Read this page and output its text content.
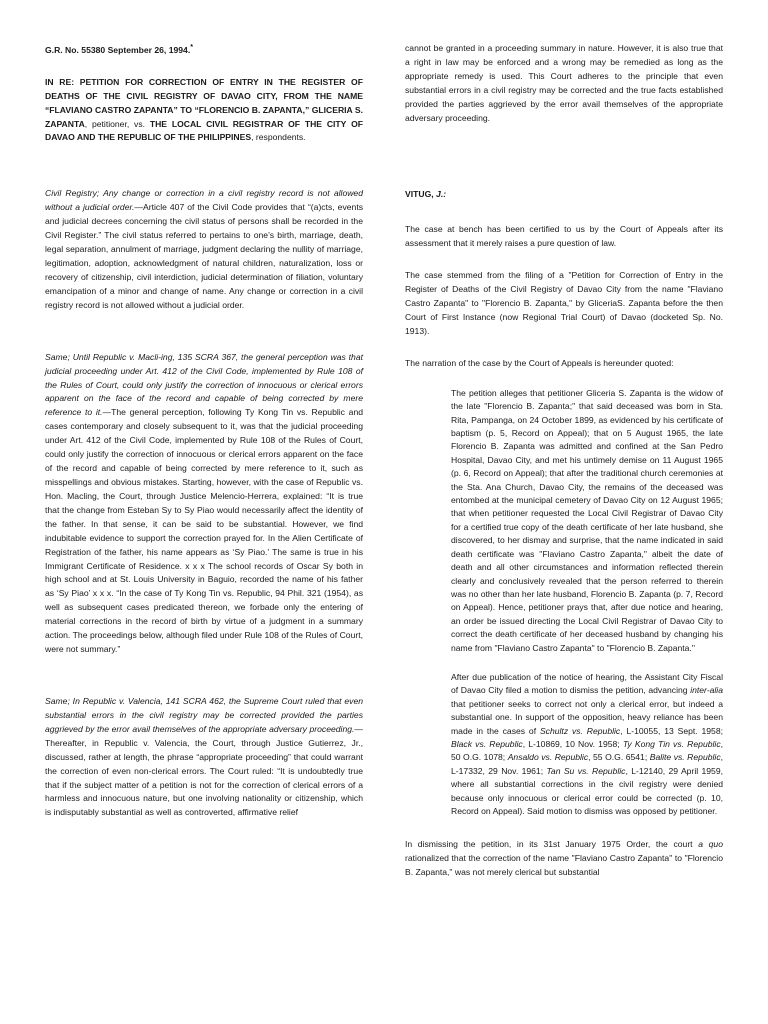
G.R. No. 55380 September 26, 1994.*

IN RE: PETITION FOR CORRECTION OF ENTRY IN THE REGISTER OF DEATHS OF THE CIVIL REGISTRY OF DAVAO CITY, FROM THE NAME “FLAVIANO CASTRO ZAPANTA” TO “FLORENCIO B. ZAPANTA,” GLICERIA S. ZAPANTA, petitioner, vs. THE LOCAL CIVIL REGISTRAR OF THE CITY OF DAVAO AND THE REPUBLIC OF THE PHILIPPINES, respondents.

Civil Registry; Any change or correction in a civil registry record is not allowed without a judicial order.—Article 407 of the Civil Code provides that “(a)cts, events and judicial decrees concerning the civil status of persons shall be recorded in the Civil Register.” The civil status referred to pertains to one’s birth, marriage, death, legal separation, annulment of marriage, judgment declaring the nullity of marriage, legitimation, adoption, acknowledgment of natural children, naturalization, loss or recovery of citizenship, civil interdiction, judicial determination of filiation, voluntary emancipation of a minor and change of name. Any change or correction in a civil registry record is not allowed without a judicial order.

Same; Until Republic v. Macli-ing, 135 SCRA 367, the general perception was that judicial proceeding under Art. 412 of the Civil Code, implemented by Rule 108 of the Rules of Court, could only justify the correction of innocuous or clerical errors apparent on the face of the record and capable of being corrected by mere reference to it.—The general perception, following Ty Kong Tin vs. Republic and cases contemporary and closely subsequent to it, was that the judicial proceeding under Art. 412 of the Civil Code, implemented by Rule 108 of the Rules of Court, could only justify the correction of innocuous or clerical errors apparent on the face of the record and capable of being corrected by mere reference to it, such as misspellings and obvious mistakes. Starting, however, with the case of Republic vs. Hon. Macling, the Court, through Justice Melencio-Herrera, explained: “It is true that the change from Esteban Sy to Sy Piao would necessarily affect the identity of the father. In that sense, it can be said to be substantial. However, we find indubitable evidence to support the correction prayed for. In the Alien Certificate of Registration of the father, his name appears as ‘Sy Piao.’ The same is true in his Immigrant Certificate of Residence. x x x The school records of Oscar Sy both in high school and at St. Louis University in Baguio, recorded the name of his father as ‘Sy Piao’ x x x. “In the case of Ty Kong Tin vs. Republic, 94 Phil. 321 (1954), as well as subsequent cases predicated thereon, we forbade only the entering of material corrections in the record of birth by virtue of a judgment in a summary action. The proceedings below, although filed under Rule 108 of the Rules of Court, were not summary.”

Same; In Republic v. Valencia, 141 SCRA 462, the Supreme Court ruled that even substantial errors in the civil registry may be corrected provided the parties aggrieved by the error avail themselves of the appropriate adversary proceeding.—Thereafter, in Republic v. Valencia, the Court, through Justice Gutierrez, Jr., discussed, rather at length, the phrase “appropriate proceeding” that could warrant the correction of even non-clerical errors. The Court ruled: “It is undoubtedly true that if the subject matter of a petition is not for the correction of clerical errors of a harmless and innocuous nature, but one involving nationality or citizenship, which is indisputably substantial as well as controverted, affirmative relief

cannot be granted in a proceeding summary in nature. However, it is also true that a right in law may be enforced and a wrong may be remedied as long as the appropriate remedy is used. This Court adheres to the principle that even substantial errors in a civil registry may be corrected and the true facts established provided the parties aggrieved by the error avail themselves of the appropriate adversary proceeding.

VITUG, J.:

The case at bench has been certified to us by the Court of Appeals after its assessment that it merely raises a pure question of law.

The case stemmed from the filing of a "Petition for Correction of Entry in the Register of Deaths of the Civil Registry of Davao City from the name "Flaviano Castro Zapanta" to "Florencio B. Zapanta," by GliceriaS. Zapanta before the then Court of First Instance (now Regional Trial Court) of Davao (docketed Sp. No. 1913).

The narration of the case by the Court of Appeals is hereunder quoted:

The petition alleges that petitioner Gliceria S. Zapanta is the widow of the late "Florencio B. Zapanta;" that said deceased was born in Sta. Rita, Pampanga, on 24 October 1899, as evidenced by his certificate of baptism (p. 5, Record on Appeal); that on 5 August 1965, the late Florencio B. Zapanta was admitted and confined at the San Pedro Hospital, Davao City, and met his untimely demise on 11 August 1965 (p. 6, Record on Appeal); that after the traditional church ceremonies at the Sta. Ana Church, Davao City, the remains of the deceased was entombed at the municipal cemetery of Davao City on 12 August 1965; that when petitioner requested the Local Civil Registrar of Davao City for a certified true copy of the death certificate of her late husband, she discovered, to her dismay and surprise, that the name indicated in said death certificate was "Flaviano Castro Zapanta," albeit the date of death and all other circumstances and information reflected therein clearly and conclusively revealed that the person referred to therein was no other than her late husband, Florencio B. Zapanta (p. 7, Record on Appeal). Hence, petitioner prays that, after due notice and hearing, an order be issued directing the Local Civil Registrar of Davao City to correct the death certificate of her deceased husband by changing his name from "Flaviano Castro Zapanta" to "Florencio B. Zapanta."

After due publication of the notice of hearing, the Assistant City Fiscal of Davao City filed a motion to dismiss the petition, advancing inter-alia that petitioner seeks to correct not only a clerical error, but indeed a substantial one. In support of the opposition, heavy reliance has been made in the cases of Schultz vs. Republic, L-10055, 13 Sept. 1958; Black vs. Republic, L-10869, 10 Nov. 1958; Ty Kong Tin vs. Republic, 50 O.G. 1078; Ansaldo vs. Republic, 55 O.G. 6541; Balite vs. Republic, L-17332, 29 Nov. 1961; Tan Su vs. Republic, L-12140, 29 April 1959, where all substantial corrections in the civil registry were denied because only innocuous or clerical error could be corrected (p. 10, Record on Appeal). Said motion to dismiss was opposed by petitioner.

In dismissing the petition, in its 31st January 1975 Order, the court a quo rationalized that the correction of the name "Flaviano Castro Zapanta" to "Florencio B. Zapanta," was not merely clerical but substantial
